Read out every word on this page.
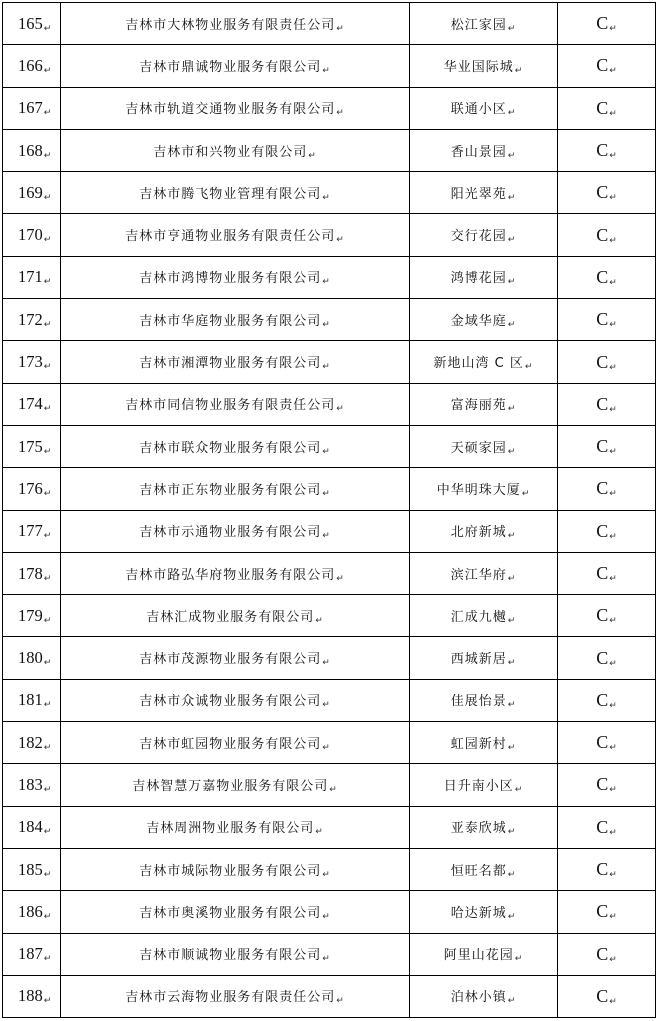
165↵	吉林市大林物业服务有限责任公司↵	松江家园↵	C↵
166↵	吉林市鼎诚物业服务有限公司↵	华业国际城↵	C↵
167↵	吉林市轨道交通物业服务有限公司↵	联通小区↵	C↵
168↵	吉林市和兴物业有限公司↵	香山景园↵	C↵
169↵	吉林市腾飞物业管理有限公司↵	阳光翠苑↵	C↵
170↵	吉林市亨通物业服务有限责任公司↵	交行花园↵	C↵
171↵	吉林市鸿博物业服务有限公司↵	鸿博花园↵	C↵
172↵	吉林市华庭物业服务有限公司↵	金域华庭↵	C↵
173↵	吉林市湘潭物业服务有限公司↵	新地山湾 C 区↵	C↵
174↵	吉林市同信物业服务有限责任公司↵	富海丽苑↵	C↵
175↵	吉林市联众物业服务有限公司↵	天硕家园↵	C↵
176↵	吉林市正东物业服务有限公司↵	中华明珠大厦↵	C↵
177↵	吉林市示通物业服务有限公司↵	北府新城↵	C↵
178↵	吉林市路弘华府物业服务有限公司↵	滨江华府↵	C↵
179↵	吉林汇成物业服务有限公司↵	汇成九樾↵	C↵
180↵	吉林市茂源物业服务有限公司↵	西城新居↵	C↵
181↵	吉林市众诚物业服务有限公司↵	佳展怡景↵	C↵
182↵	吉林市虹园物业服务有限公司↵	虹园新村↵	C↵
183↵	吉林智慧万嘉物业服务有限公司↵	日升南小区↵	C↵
184↵	吉林周洲物业服务有限公司↵	亚泰欣城↵	C↵
185↵	吉林市城际物业服务有限公司↵	恒旺名都↵	C↵
186↵	吉林市奥溪物业服务有限公司↵	哈达新城↵	C↵
187↵	吉林市顺诚物业服务有限公司↵	阿里山花园↵	C↵
188↵	吉林市云海物业服务有限责任公司↵	泊林小镇↵	C↵
